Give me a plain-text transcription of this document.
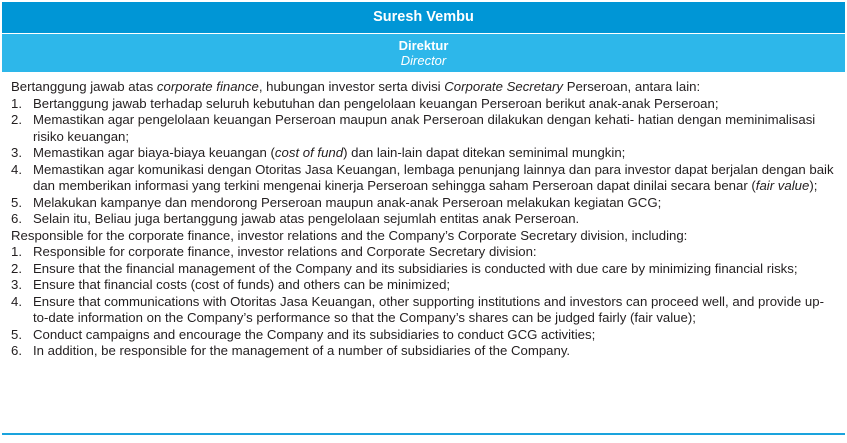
Suresh Vembu
Direktur
Director

Bertanggung jawab atas corporate finance, hubungan investor serta divisi Corporate Secretary Perseroan, antara lain:

1. Bertanggung jawab terhadap seluruh kebutuhan dan pengelolaan keuangan Perseroan berikut anak-anak Perseroan;
2. Memastikan agar pengelolaan keuangan Perseroan maupun anak Perseroan dilakukan dengan kehati- hatian dengan meminimalisasi risiko keuangan;
3. Memastikan agar biaya-biaya keuangan (cost of fund) dan lain-lain dapat ditekan seminimal mungkin;
4. Memastikan agar komunikasi dengan Otoritas Jasa Keuangan, lembaga penunjang lainnya dan para investor dapat berjalan dengan baik dan memberikan informasi yang terkini mengenai kinerja Perseroan sehingga saham Perseroan dapat dinilai secara benar (fair value);
5. Melakukan kampanye dan mendorong Perseroan maupun anak-anak Perseroan melakukan kegiatan GCG;
6. Selain itu, Beliau juga bertanggung jawab atas pengelolaan sejumlah entitas anak Perseroan.

Responsible for the corporate finance, investor relations and the Company’s Corporate Secretary division, including:

1. Responsible for corporate finance, investor relations and Corporate Secretary division:
2. Ensure that the financial management of the Company and its subsidiaries is conducted with due care by minimizing financial risks;
3. Ensure that financial costs (cost of funds) and others can be minimized;
4. Ensure that communications with Otoritas Jasa Keuangan, other supporting institutions and investors can proceed well, and provide up-to-date information on the Company’s performance so that the Company’s shares can be judged fairly (fair value);
5. Conduct campaigns and encourage the Company and its subsidiaries to conduct GCG activities;
6. In addition, be responsible for the management of a number of subsidiaries of the Company.
